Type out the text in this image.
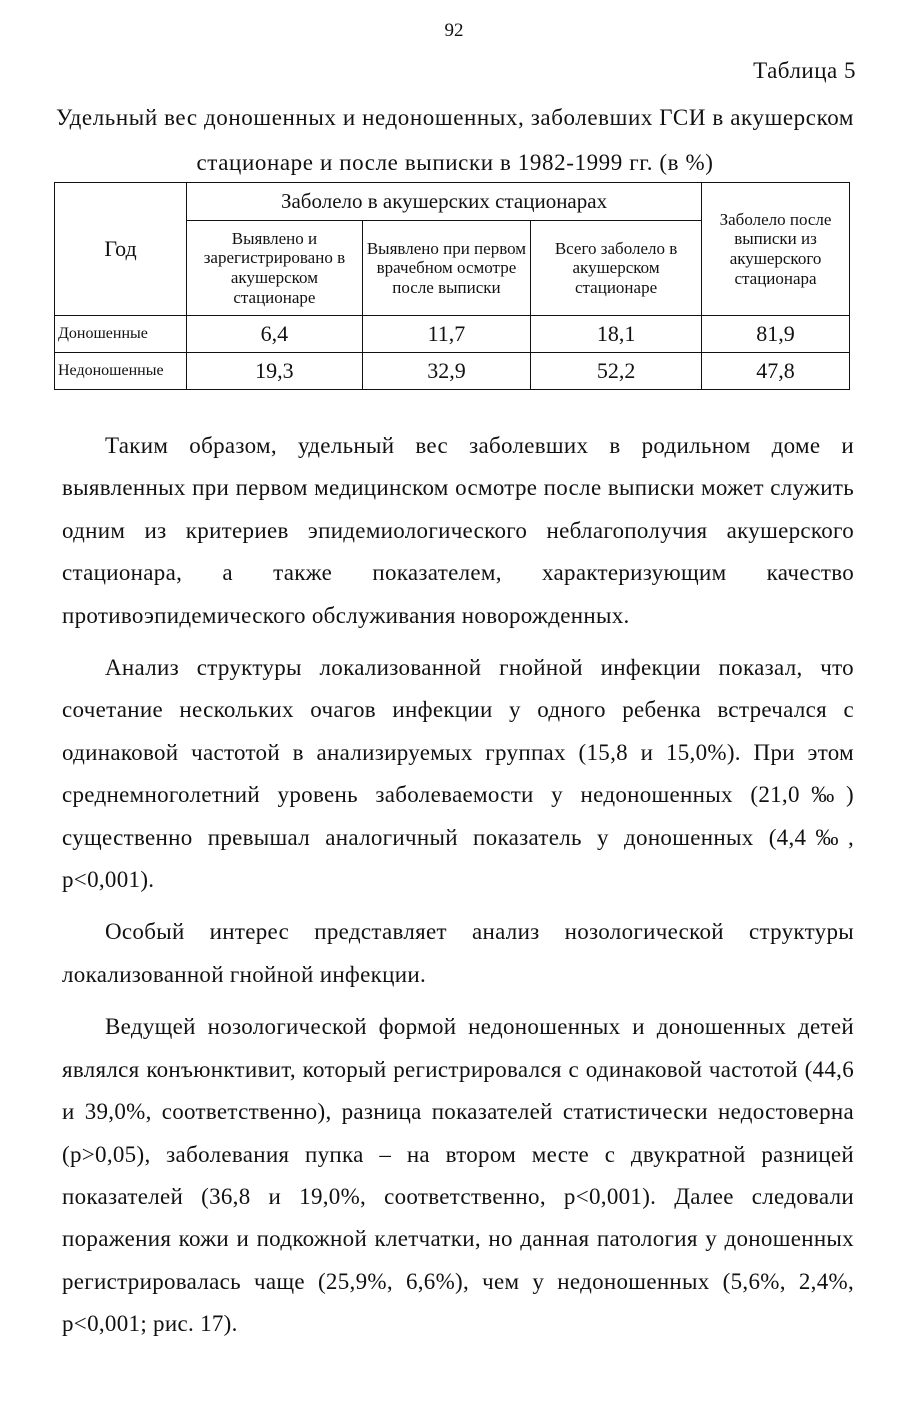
92
Таблица 5
Удельный вес доношенных и недоношенных, заболевших ГСИ в акушерском стационаре и после выписки в 1982-1999 гг. (в %)
Год	Заболело в акушерских стационарах			Заболело после выписки из акушерского стационара
	Выявлено и зарегистрировано в акушерском стационаре	Выявлено при первом врачебном осмотре после выписки	Всего заболело в акушерском стационаре	
Доношенные	6,4	11,7	18,1	81,9
Недоношенные	19,3	32,9	52,2	47,8

Таким образом, удельный вес заболевших в родильном доме и выявленных при первом медицинском осмотре после выписки может служить одним из критериев эпидемиологического неблагополучия акушерского стационара, а также показателем, характеризующим качество противоэпидемического обслуживания новорожденных.

Анализ структуры локализованной гнойной инфекции показал, что сочетание нескольких очагов инфекции у одного ребенка встречался с одинаковой частотой в анализируемых группах (15,8 и 15,0%). При этом среднемноголетний уровень заболеваемости у недоношенных (21,0‰) существенно превышал аналогичный показатель у доношенных (4,4‰, p<0,001).

Особый интерес представляет анализ нозологической структуры локализованной гнойной инфекции.

Ведущей нозологической формой недоношенных и доношенных детей являлся конъюнктивит, который регистрировался с одинаковой частотой (44,6 и 39,0%, соответственно), разница показателей статистически недостоверна (p>0,05), заболевания пупка – на втором месте с двукратной разницей показателей (36,8 и 19,0%, соответственно, p<0,001). Далее следовали поражения кожи и подкожной клетчатки, но данная патология у доношенных регистрировалась чаще (25,9%, 6,6%), чем у недоношенных (5,6%, 2,4%, p<0,001; рис. 17).
